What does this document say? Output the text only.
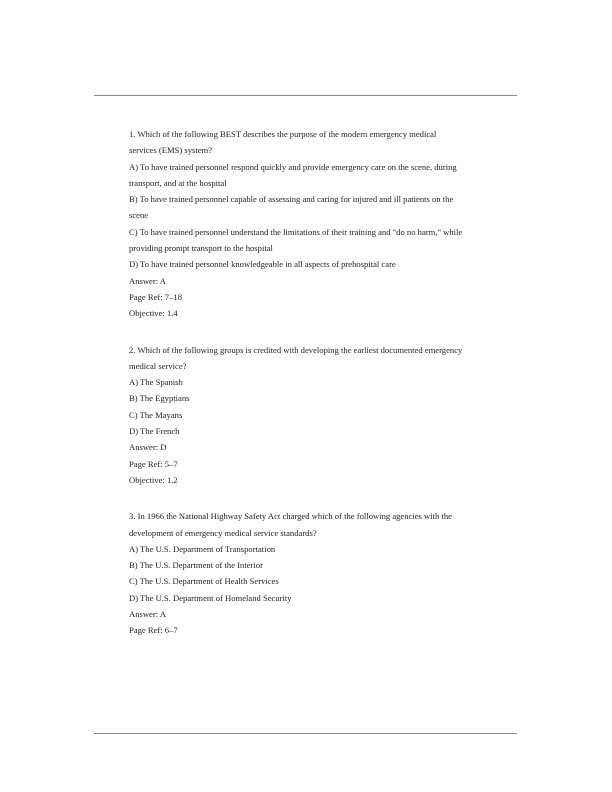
1. Which of the following BEST describes the purpose of the modern emergency medical

services (EMS) system?

A) To have trained personnel respond quickly and provide emergency care on the scene, during

transport, and at the hospital

B) To have trained personnel capable of assessing and caring for injured and ill patients on the

scene

C) To have trained personnel understand the limitations of their training and "do no harm," while

providing prompt transport to the hospital

D) To have trained personnel knowledgeable in all aspects of prehospital care

Answer: A

Page Ref: 7–18

Objective: 1.4

2. Which of the following groups is credited with developing the earliest documented emergency

medical service?

A) The Spanish

B) The Egyptians

C) The Mayans

D) The French

Answer: D

Page Ref: 5–7

Objective: 1.2

3. In 1966 the National Highway Safety Act charged which of the following agencies with the

development of emergency medical service standards?

A) The U.S. Department of Transportation

B) The U.S. Department of the Interior

C) The U.S. Department of Health Services

D) The U.S. Department of Homeland Security

Answer: A

Page Ref: 6–7
